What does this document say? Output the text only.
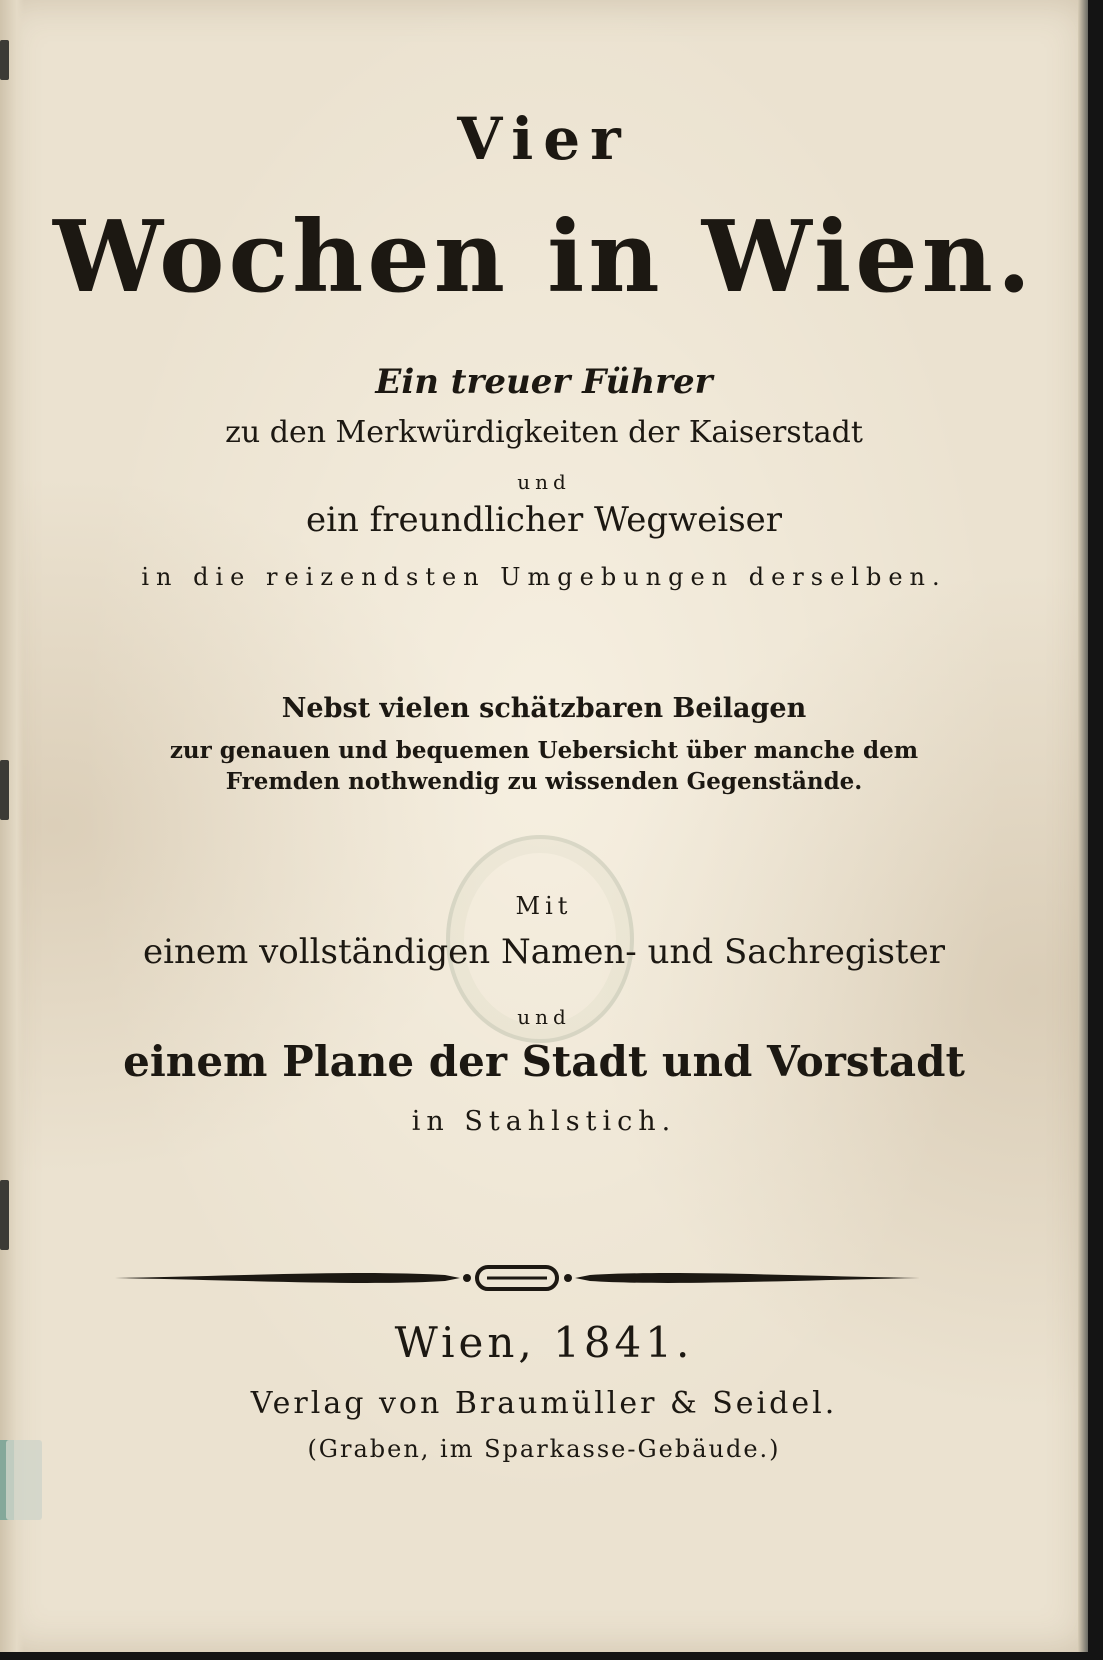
Vier
Wochen in Wien.
Ein treuer Führer
zu den Merkwürdigkeiten der Kaiserstadt
und
ein freundlicher Wegweiser
in die reizendsten Umgebungen derselben.
Nebst vielen schätzbaren Beilagen
zur genauen und bequemen Uebersicht über manche dem
Fremden nothwendig zu wissenden Gegenstände.
Mit
einem vollständigen Namen- und Sachregister
und
einem Plane der Stadt und Vorstadt
in Stahlstich.
Wien, 1841.
Verlag von Braumüller & Seidel.
(Graben, im Sparkasse-Gebäude.)
